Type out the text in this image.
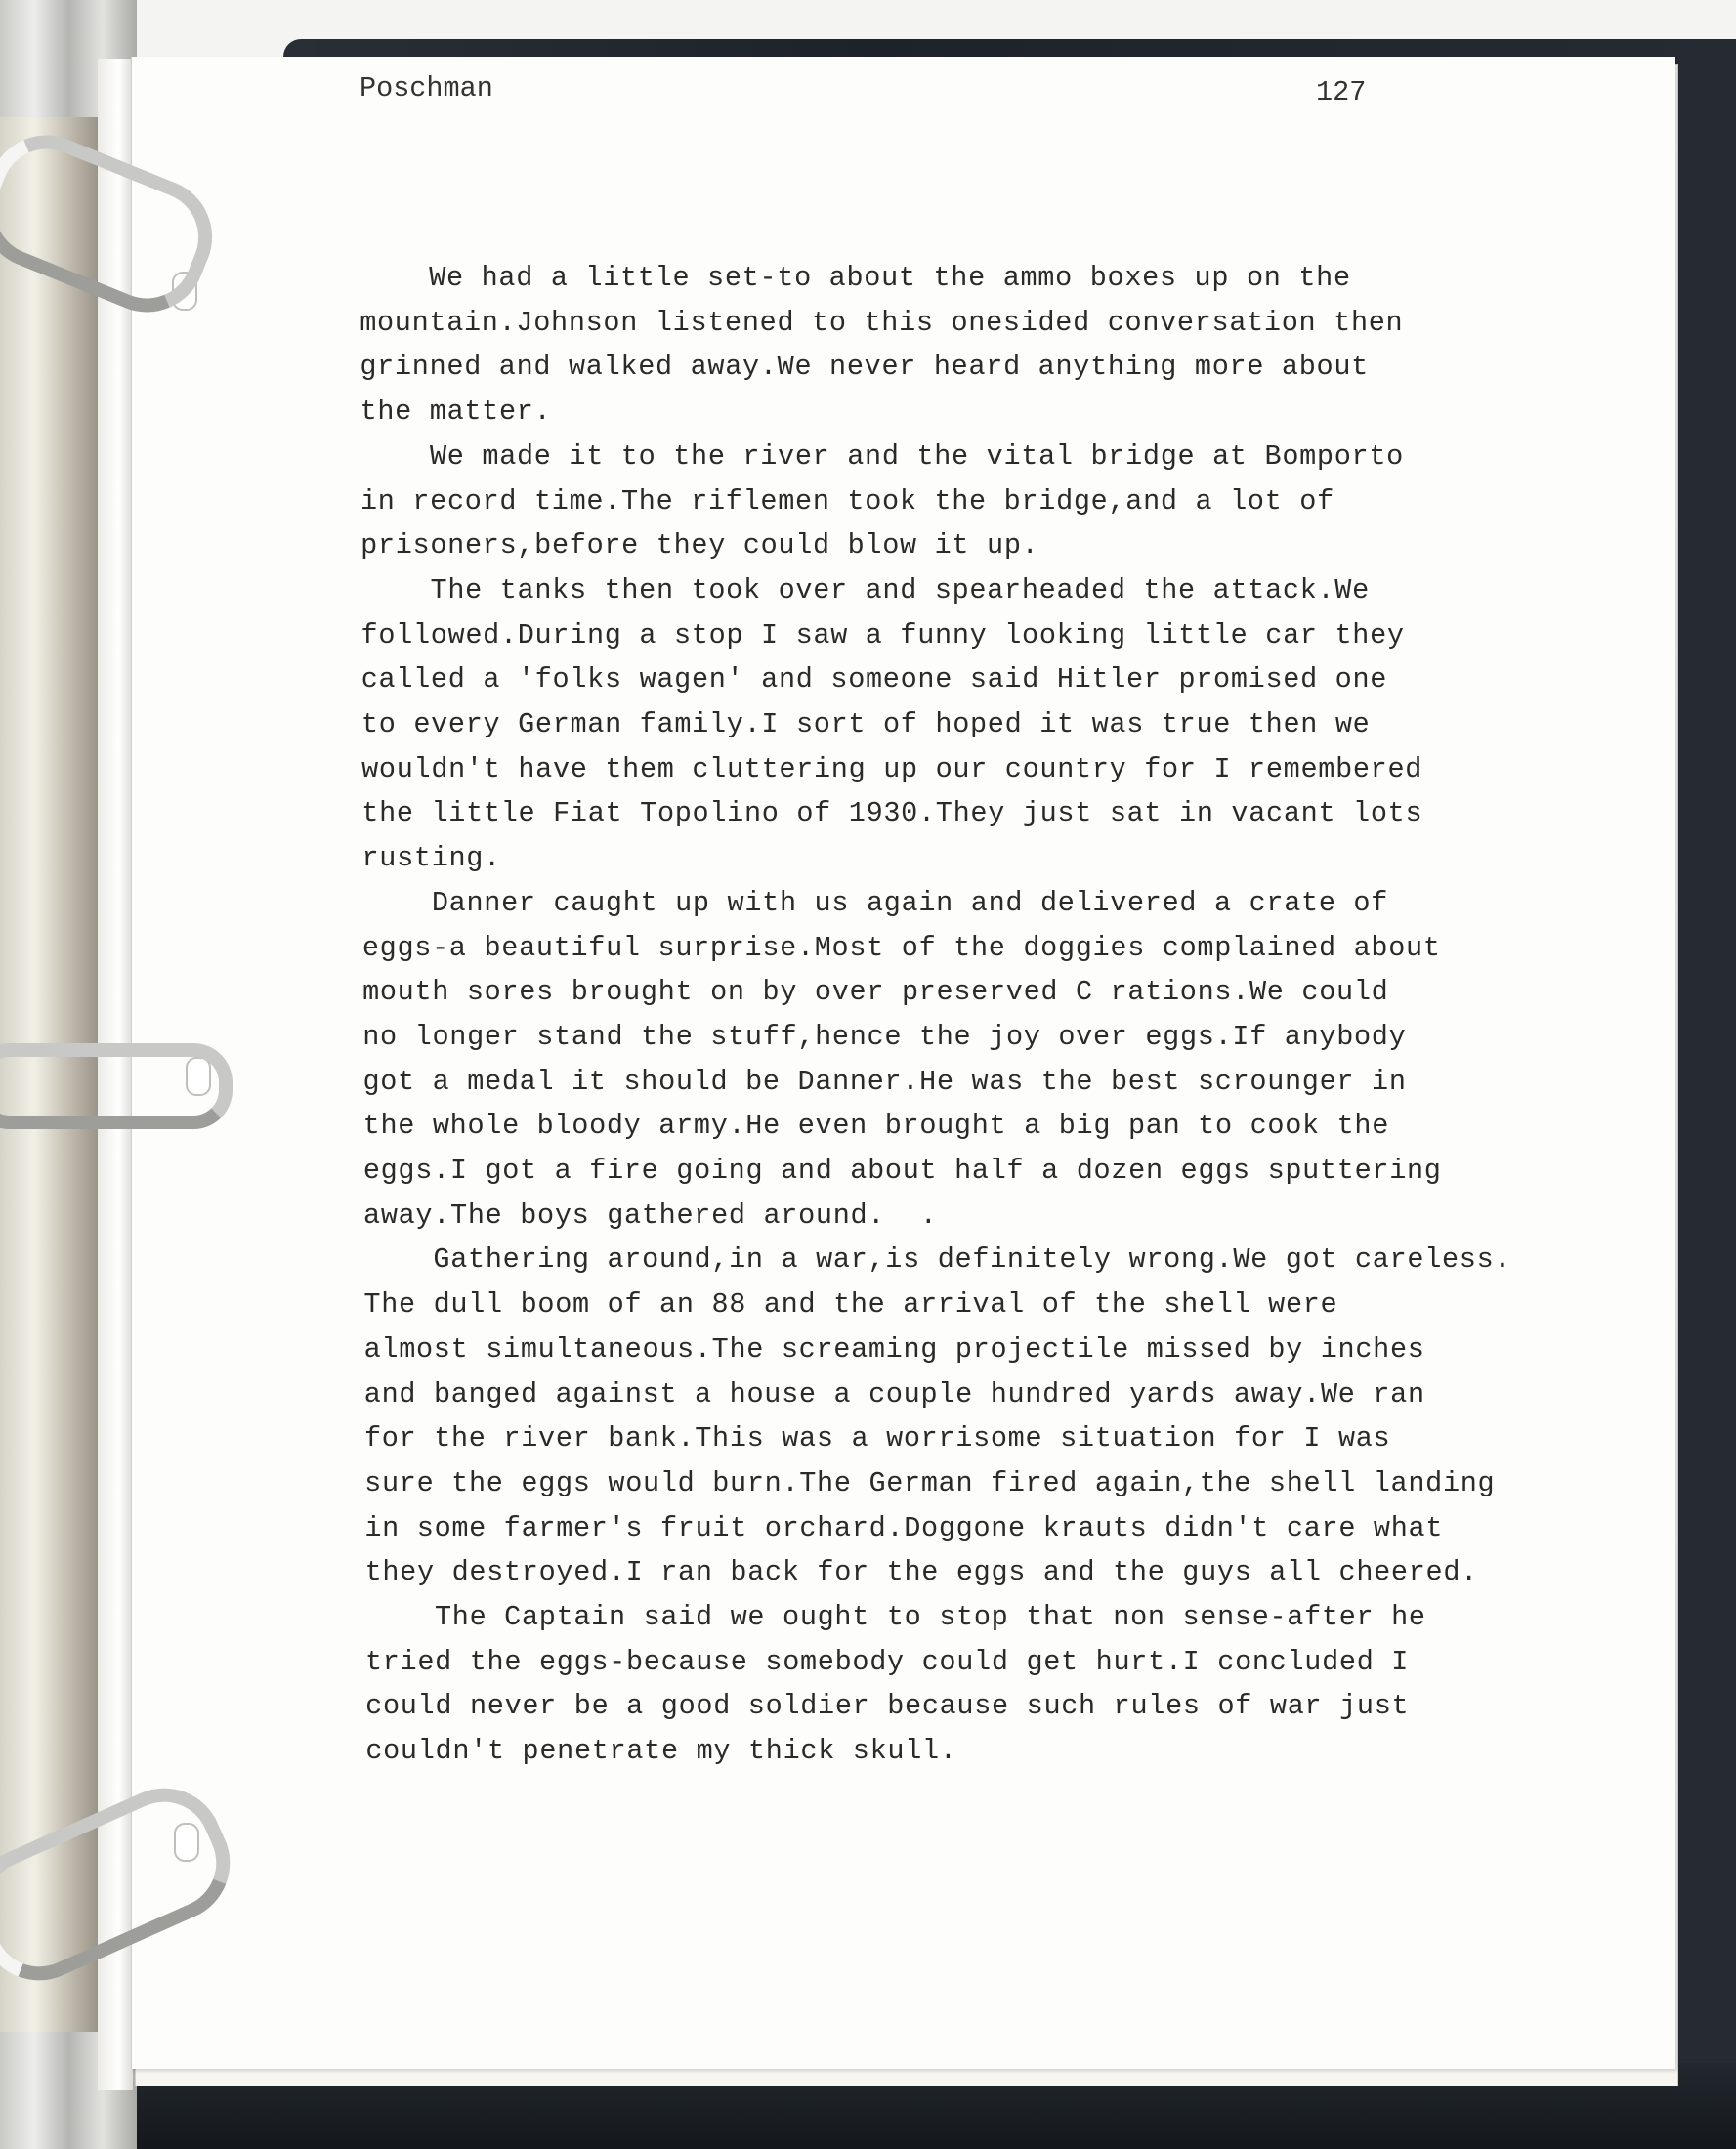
Poschman	127
We had a little set-to about the ammo boxes up on the
mountain.Johnson listened to this onesided conversation then
grinned and walked away.We never heard anything more about
the matter.
We made it to the river and the vital bridge at Bomporto
in record time.The riflemen took the bridge,and a lot of
prisoners,before they could blow it up.
The tanks then took over and spearheaded the attack.We
followed.During a stop I saw a funny looking little car they
called a 'folks wagen' and someone said Hitler promised one
to every German family.I sort of hoped it was true then we
wouldn't have them cluttering up our country for I remembered
the little Fiat Topolino of 1930.They just sat in vacant lots
rusting.
Danner caught up with us again and delivered a crate of
eggs-a beautiful surprise.Most of the doggies complained about
mouth sores brought on by over preserved C rations.We could
no longer stand the stuff,hence the joy over eggs.If anybody
got a medal it should be Danner.He was the best scrounger in
the whole bloody army.He even brought a big pan to cook the
eggs.I got a fire going and about half a dozen eggs sputtering
away.The boys gathered around.  .
Gathering around,in a war,is definitely wrong.We got careless.
The dull boom of an 88 and the arrival of the shell were
almost simultaneous.The screaming projectile missed by inches
and banged against a house a couple hundred yards away.We ran
for the river bank.This was a worrisome situation for I was
sure the eggs would burn.The German fired again,the shell landing
in some farmer's fruit orchard.Doggone krauts didn't care what
they destroyed.I ran back for the eggs and the guys all cheered.
The Captain said we ought to stop that non sense-after he
tried the eggs-because somebody could get hurt.I concluded I
could never be a good soldier because such rules of war just
couldn't penetrate my thick skull.
